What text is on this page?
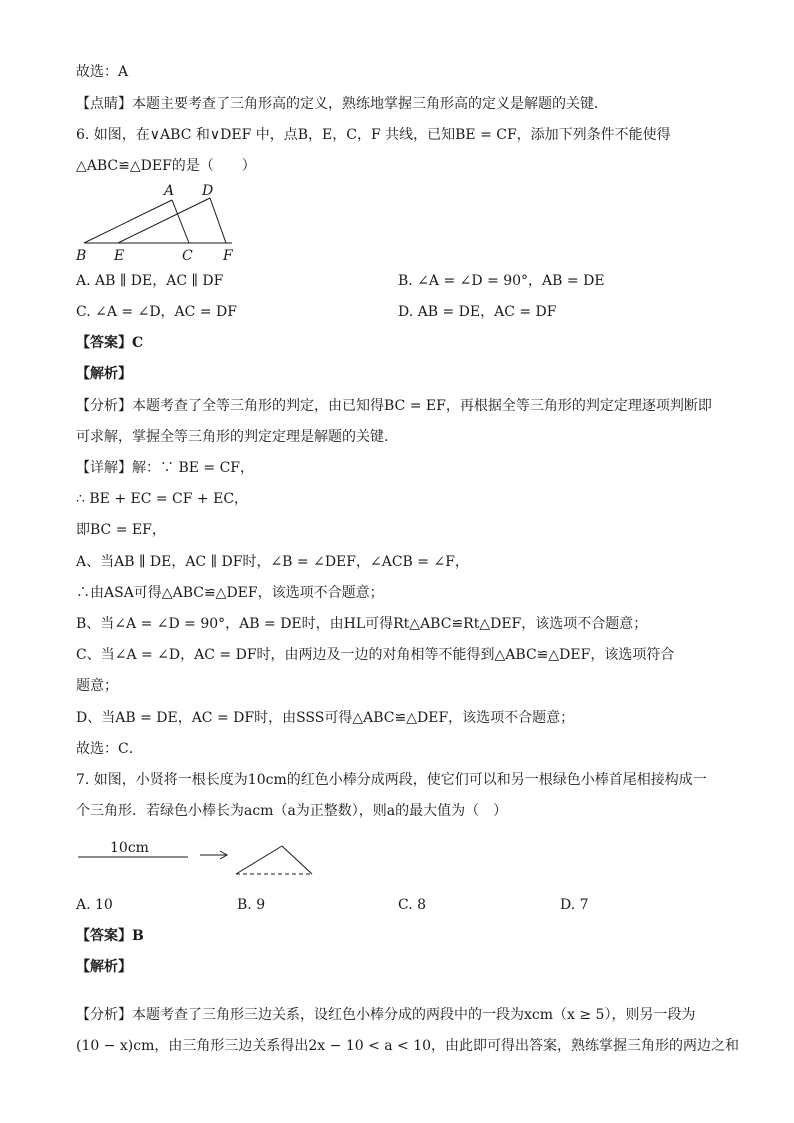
故选：A
【点睛】本题主要考查了三角形高的定义，熟练地掌握三角形高的定义是解题的关键．
6. 如图，在∨ABC 和∨DEF 中，点B，E，C，F 共线，已知BE = CF，添加下列条件不能使得
△ABC≌△DEF的是（　　）
A D
B E	C F
A. AB ∥ DE，AC ∥ DF	B. ∠A = ∠D = 90°，AB = DE
C. ∠A = ∠D，AC = DF	D. AB = DE，AC = DF
【答案】C
【解析】
【分析】本题考查了全等三角形的判定，由已知得BC = EF，再根据全等三角形的判定定理逐项判断即
可求解，掌握全等三角形的判定定理是解题的关键．
【详解】解：∵ BE = CF，
∴ BE + EC = CF + EC，
即BC = EF，
A、当AB ∥ DE，AC ∥ DF时，∠B = ∠DEF，∠ACB = ∠F，
∴由ASA可得△ABC≌△DEF，该选项不合题意；
B、当∠A = ∠D = 90°，AB = DE时，由HL可得Rt△ABC≌Rt△DEF，该选项不合题意；
C、当∠A = ∠D，AC = DF时，由两边及一边的对角相等不能得到△ABC≌△DEF，该选项符合
题意；
D、当AB = DE，AC = DF时，由SSS可得△ABC≌△DEF，该选项不合题意；
故选：C．
7. 如图，小贤将一根长度为10cm的红色小棒分成两段，使它们可以和另一根绿色小棒首尾相接构成一
个三角形．若绿色小棒长为acm（a为正整数），则a的最大值为（　）
10cm
A. 10	B. 9	C. 8	D. 7
【答案】B
【解析】
【分析】本题考查了三角形三边关系，设红色小棒分成的两段中的一段为xcm（x ≥ 5），则另一段为
(10 − x)cm，由三角形三边关系得出2x − 10 < a < 10，由此即可得出答案，熟练掌握三角形的两边之和
